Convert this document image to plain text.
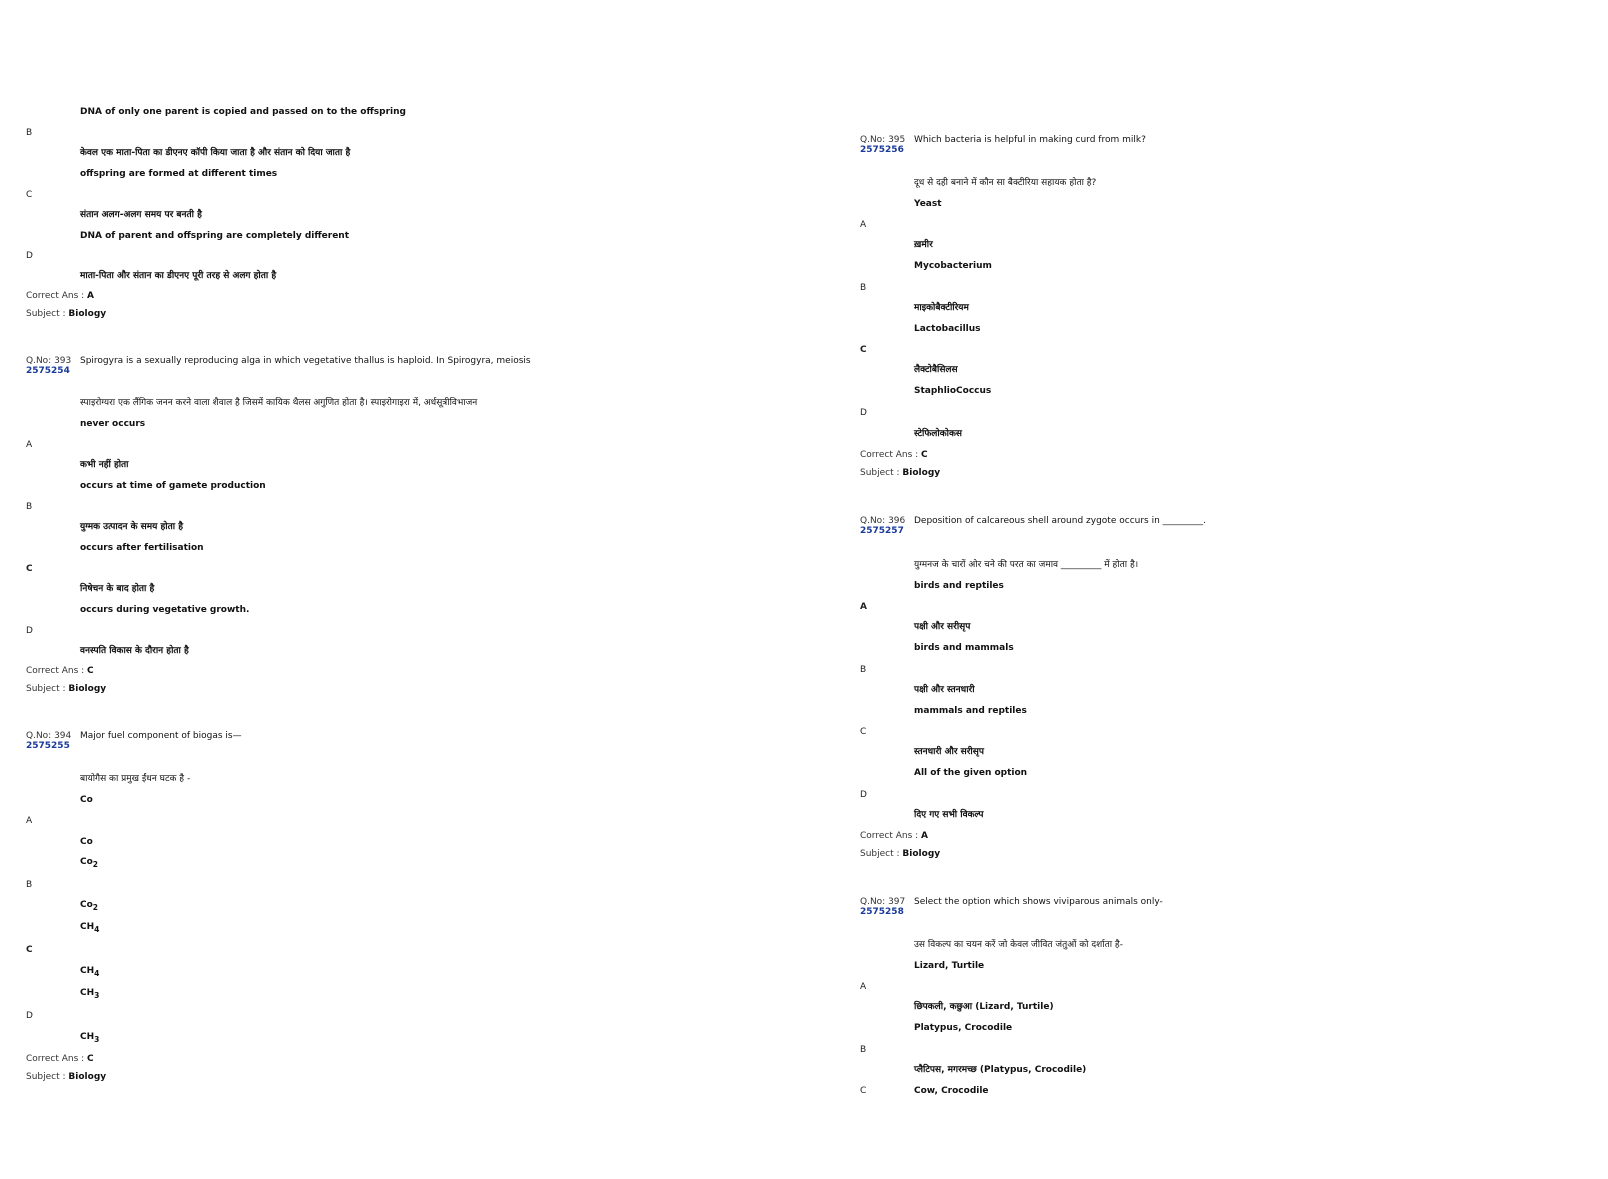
DNA of only one parent is copied and passed on to the offspring
B
केवल एक माता-पिता का डीएनए कॉपी किया जाता है और संतान को दिया जाता है
offspring are formed at different times
C
संतान अलग-अलग समय पर बनती है
DNA of parent and offspring are completely different
D
माता-पिता और संतान का डीएनए पूरी तरह से अलग होता है
Correct Ans : A
Subject : Biology
Q.No: 393
2575254
Spirogyra is a sexually reproducing alga in which vegetative thallus is haploid. In Spirogyra, meiosis
स्पाइरोग्यरा एक लैंगिक जनन करने वाला शैवाल है जिसमें कायिक थैलस अगुणित होता है। स्पाइरोगाइरा में, अर्धसूत्रीविभाजन
never occurs
A
कभी नहीं होता
occurs at time of gamete production
B
युग्मक उत्पादन के समय होता है
occurs after fertilisation
C
निषेचन के बाद होता है
occurs during vegetative growth.
D
वनस्पति विकास के दौरान होता है
Correct Ans : C
Subject : Biology
Q.No: 394
2575255
Major fuel component of biogas is—
बायोगैस का प्रमुख ईंधन घटक है -
Co
A
Co
$Co_2$
B
$Co_2$
$CH_4$
C
$CH_4$
$CH_3$
D
$CH_3$
Correct Ans : C
Subject : Biology
Q.No: 395
2575256
Which bacteria is helpful in making curd from milk?
दूध से दही बनाने में कौन सा बैक्टीरिया सहायक होता है?
Yeast
A
ख़मीर
Mycobacterium
B
माइकोबैक्टीरियम
Lactobacillus
C
लैक्टोबैसिलस
StaphlioCoccus
D
स्टेफिलोकोकस
Correct Ans : C
Subject : Biology
Q.No: 396
2575257
Deposition of calcareous shell around zygote occurs in _________.
युग्मनज के चारों ओर चने की परत का जमाव _________ में होता है।
birds and reptiles
A
पक्षी और सरीसृप
birds and mammals
B
पक्षी और स्तनधारी
mammals and reptiles
C
स्तनधारी और सरीसृप
All of the given option
D
दिए गए सभी विकल्प
Correct Ans : A
Subject : Biology
Q.No: 397
2575258
Select the option which shows viviparous animals only-
उस विकल्प का चयन करें जो केवल जीवित जंतुओं को दर्शाता है-
Lizard, Turtile
A
छिपकली, कछुआ (Lizard, Turtile)
Platypus, Crocodile
B
प्लैटिपस, मगरमच्छ (Platypus, Crocodile)
C	Cow, Crocodile
